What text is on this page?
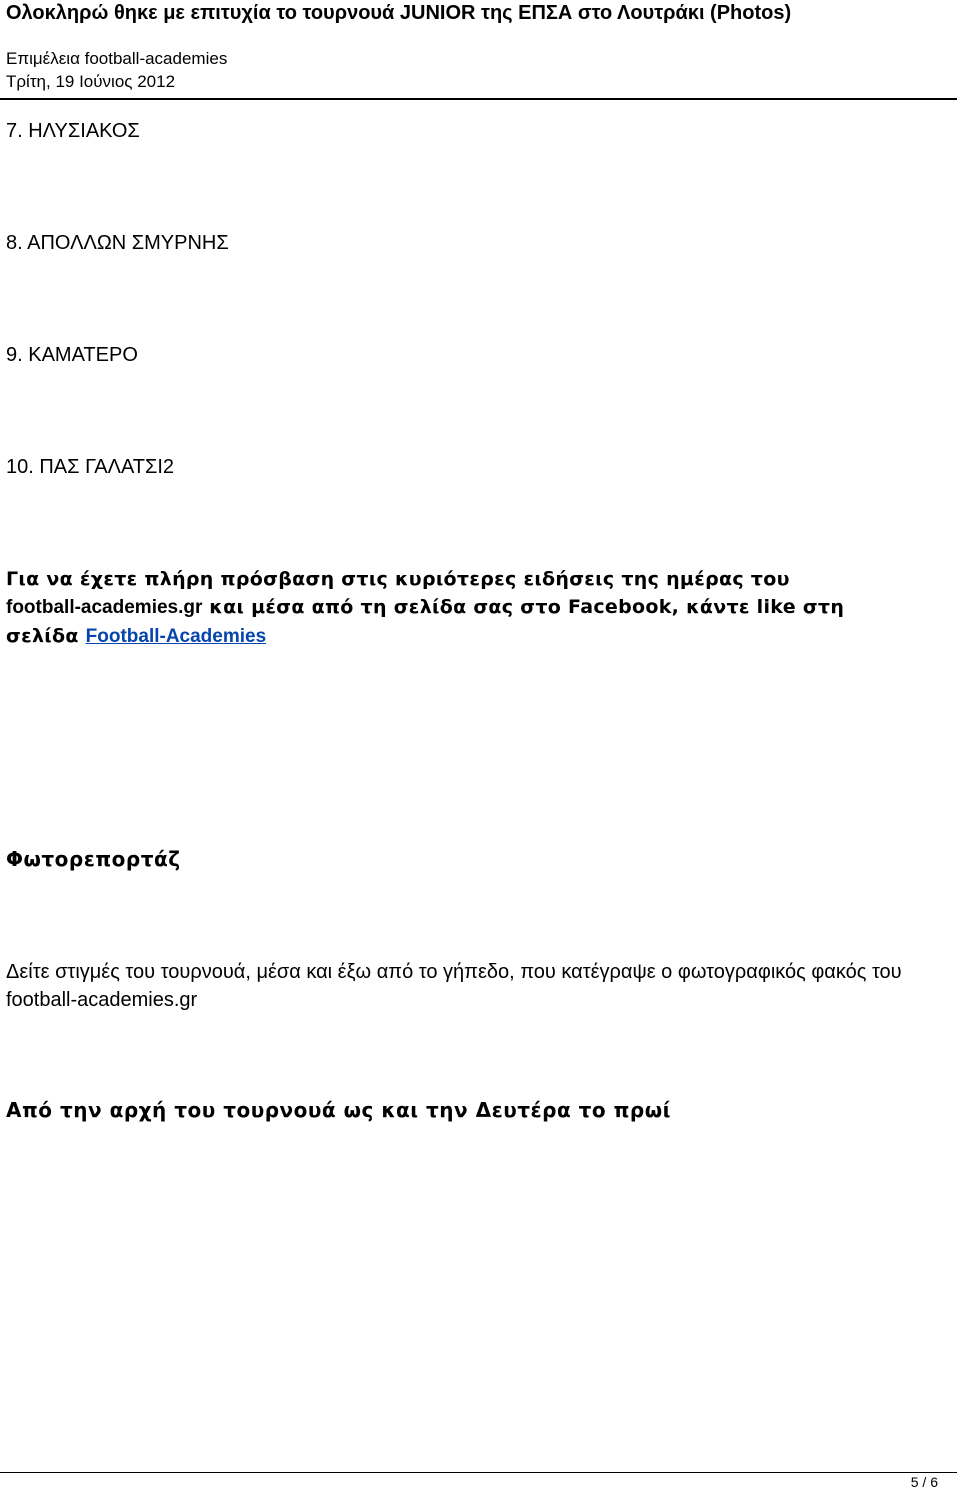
Ολοκληρώ θηκε με επιτυχία το τουρνουά JUNIOR της ΕΠΣΑ στο Λουτράκι (Photos)
Επιμέλεια football-academies
Τρίτη, 19 Ιούνιος 2012
7. ΗΛΥΣΙΑΚΟΣ
8. ΑΠΟΛΛΩΝ ΣΜΥΡΝΗΣ
9. ΚΑΜΑΤΕΡΟ
10. ΠΑΣ ΓΑΛΑΤΣΙ2
Για να έχετε πλήρη πρόσβαση στις κυριότερες ειδήσεις της ημέρας του
football-academies.gr και μέσα από τη σελίδα σας στο Facebook, κάντε like στη
σελίδα Football-Academies
Φωτορεπορτάζ
Δείτε στιγμές του τουρνουά, μέσα και έξω από το γήπεδο, που κατέγραψε ο φωτογραφικός φακός του football-academies.gr
Από την αρχή του τουρνουά ως και την Δευτέρα το πρωί
5 / 6
